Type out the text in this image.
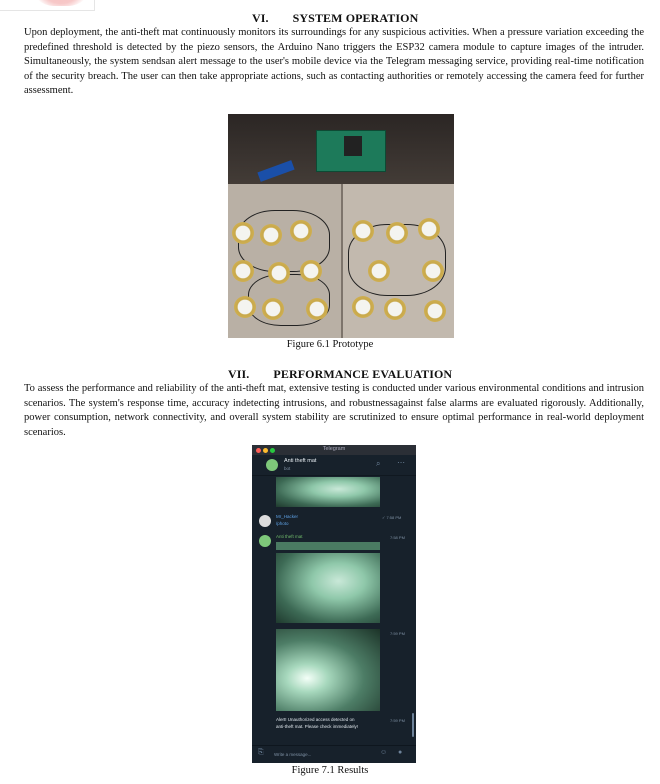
VI. SYSTEM OPERATION

Upon deployment, the anti-theft mat continuously monitors its surroundings for any suspicious activities. When a pressure variation exceeding the predefined threshold is detected by the piezo sensors, the Arduino Nano triggers the ESP32 camera module to capture images of the intruder. Simultaneously, the system sendsan alert message to the user's mobile device via the Telegram messaging service, providing real-time notification of the security breach. The user can then take appropriate actions, such as contacting authorities or remotely accessing the camera feed for further assessment.

Figure 6.1 Prototype
VII. PERFORMANCE EVALUATION

To assess the performance and reliability of the anti-theft mat, extensive testing is conducted under various environmental conditions and intrusion scenarios. The system's response time, accuracy indetecting intrusions, and robustnessagainst false alarms are evaluated rigorously. Additionally, power consumption, network connectivity, and overall system stability are scrutinized to ensure optimal performance in real-world deployment scenarios.

Telegram
Anti theft mat
bot
⌕ ⋯
Mr_Hacker
/photo
✓ 7:58 PM
Anti theft mat	7:58 PM
7:59 PM
Alert! Unauthorized access detected on
anti-theft mat. Please check immediately!
7:59 PM
⎘ Write a message...	☺ ●
Figure 7.1 Results
